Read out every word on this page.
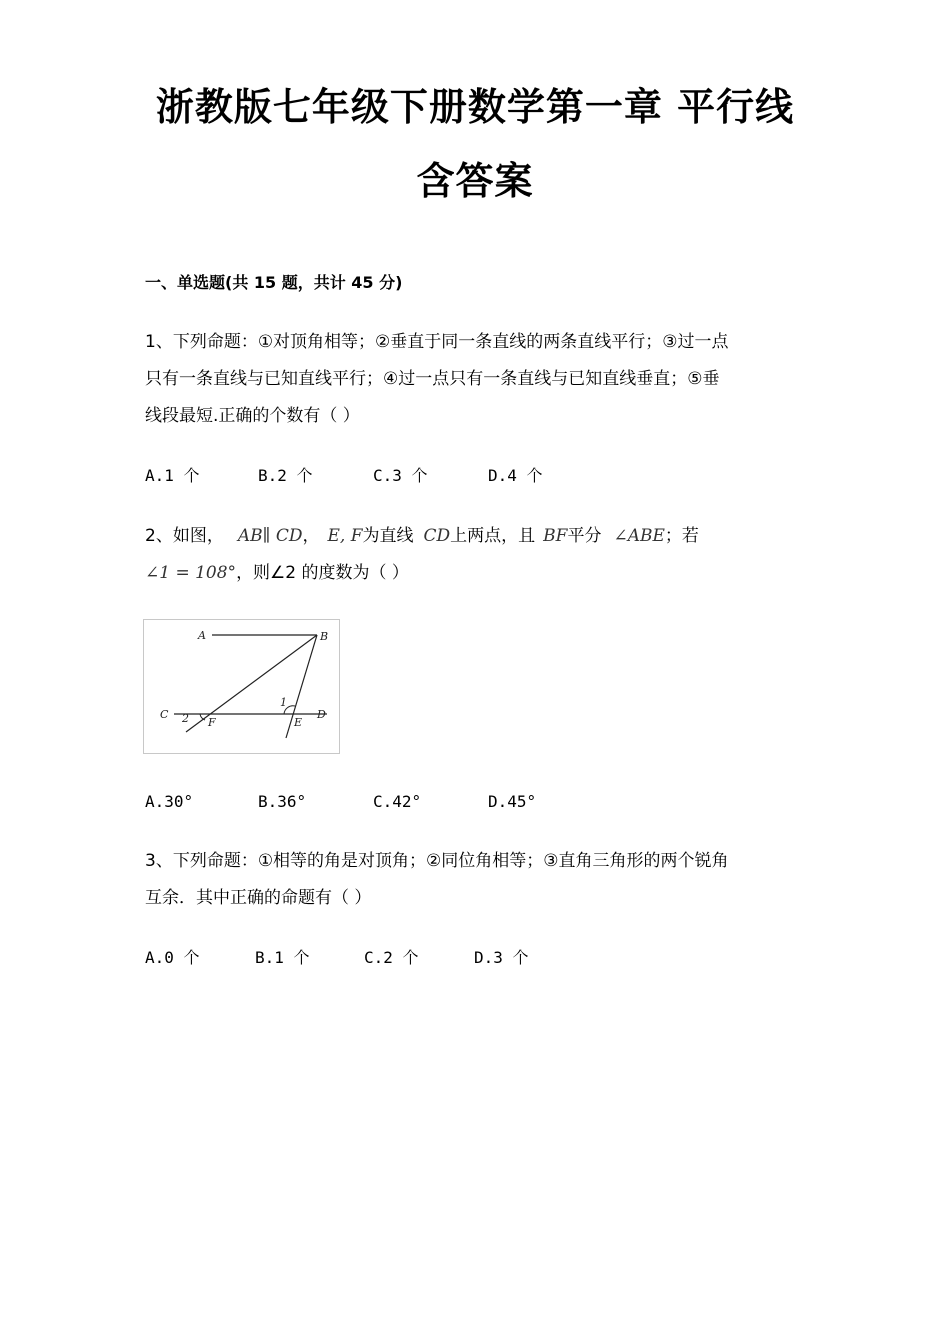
浙教版七年级下册数学第一章 平行线
含答案
一、单选题(共 15 题，共计 45 分)
1、下列命题：①对顶角相等；②垂直于同一条直线的两条直线平行；③过一点
只有一条直线与已知直线平行；④过一点只有一条直线与已知直线垂直；⑤垂
线段最短.正确的个数有（ ）
A.1 个	B.2 个	C.3 个	D.4 个
2、如图， AB∥ CD， E, F为直线 CD上两点，且 BF平分 ∠ABE；若
∠1 = 108°，则∠2 的度数为（ ）
A	B
C	D
E
F
1
2
A.30°	B.36°	C.42°	D.45°
3、下列命题：①相等的角是对顶角；②同位角相等；③直角三角形的两个锐角
互余．其中正确的命题有（ ）
A.0 个	B.1 个	C.2 个	D.3 个
